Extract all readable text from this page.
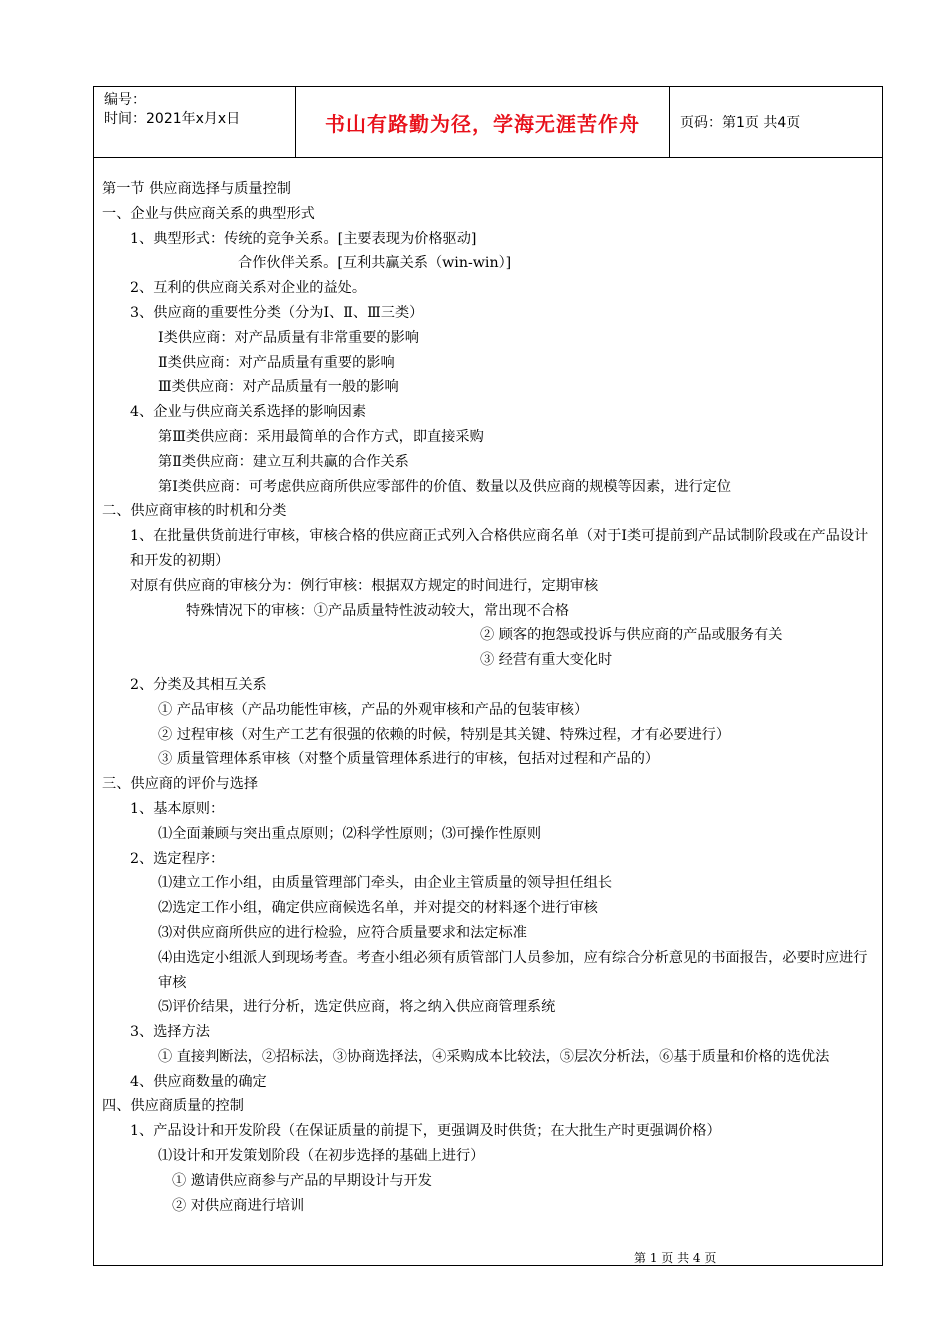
编号：
时间：2021年x月x日	书山有路勤为径，学海无涯苦作舟	页码：第1页 共4页
第一节 供应商选择与质量控制
一、企业与供应商关系的典型形式
1、典型形式：传统的竞争关系。[主要表现为价格驱动]
合作伙伴关系。[互利共赢关系（win-win）]
2、互利的供应商关系对企业的益处。
3、供应商的重要性分类（分为Ⅰ、Ⅱ、Ⅲ三类）
Ⅰ类供应商：对产品质量有非常重要的影响
Ⅱ类供应商：对产品质量有重要的影响
Ⅲ类供应商：对产品质量有一般的影响
4、企业与供应商关系选择的影响因素
第Ⅲ类供应商：采用最简单的合作方式，即直接采购
第Ⅱ类供应商：建立互利共赢的合作关系
第Ⅰ类供应商：可考虑供应商所供应零部件的价值、数量以及供应商的规模等因素，进行定位
二、供应商审核的时机和分类
1、在批量供货前进行审核，审核合格的供应商正式列入合格供应商名单（对于Ⅰ类可提前到产品试制阶段或在产品设计和开发的初期）
对原有供应商的审核分为：例行审核：根据双方规定的时间进行，定期审核
特殊情况下的审核：①产品质量特性波动较大，常出现不合格
② 顾客的抱怨或投诉与供应商的产品或服务有关
③ 经营有重大变化时
2、分类及其相互关系
① 产品审核（产品功能性审核，产品的外观审核和产品的包装审核）
② 过程审核（对生产工艺有很强的依赖的时候，特别是其关键、特殊过程，才有必要进行）
③ 质量管理体系审核（对整个质量管理体系进行的审核，包括对过程和产品的）
三、供应商的评价与选择
1、基本原则：
⑴全面兼顾与突出重点原则；⑵科学性原则；⑶可操作性原则
2、选定程序：
⑴建立工作小组，由质量管理部门牵头，由企业主管质量的领导担任组长
⑵选定工作小组，确定供应商候选名单，并对提交的材料逐个进行审核
⑶对供应商所供应的进行检验，应符合质量要求和法定标准
⑷由选定小组派人到现场考查。考查小组必须有质管部门人员参加，应有综合分析意见的书面报告，必要时应进行审核
⑸评价结果，进行分析，选定供应商，将之纳入供应商管理系统
3、选择方法
① 直接判断法，②招标法，③协商选择法，④采购成本比较法，⑤层次分析法，⑥基于质量和价格的选优法
4、供应商数量的确定
四、供应商质量的控制
1、产品设计和开发阶段（在保证质量的前提下，更强调及时供货；在大批生产时更强调价格）
⑴设计和开发策划阶段（在初步选择的基础上进行）
① 邀请供应商参与产品的早期设计与开发
② 对供应商进行培训
第 1 页 共 4 页
